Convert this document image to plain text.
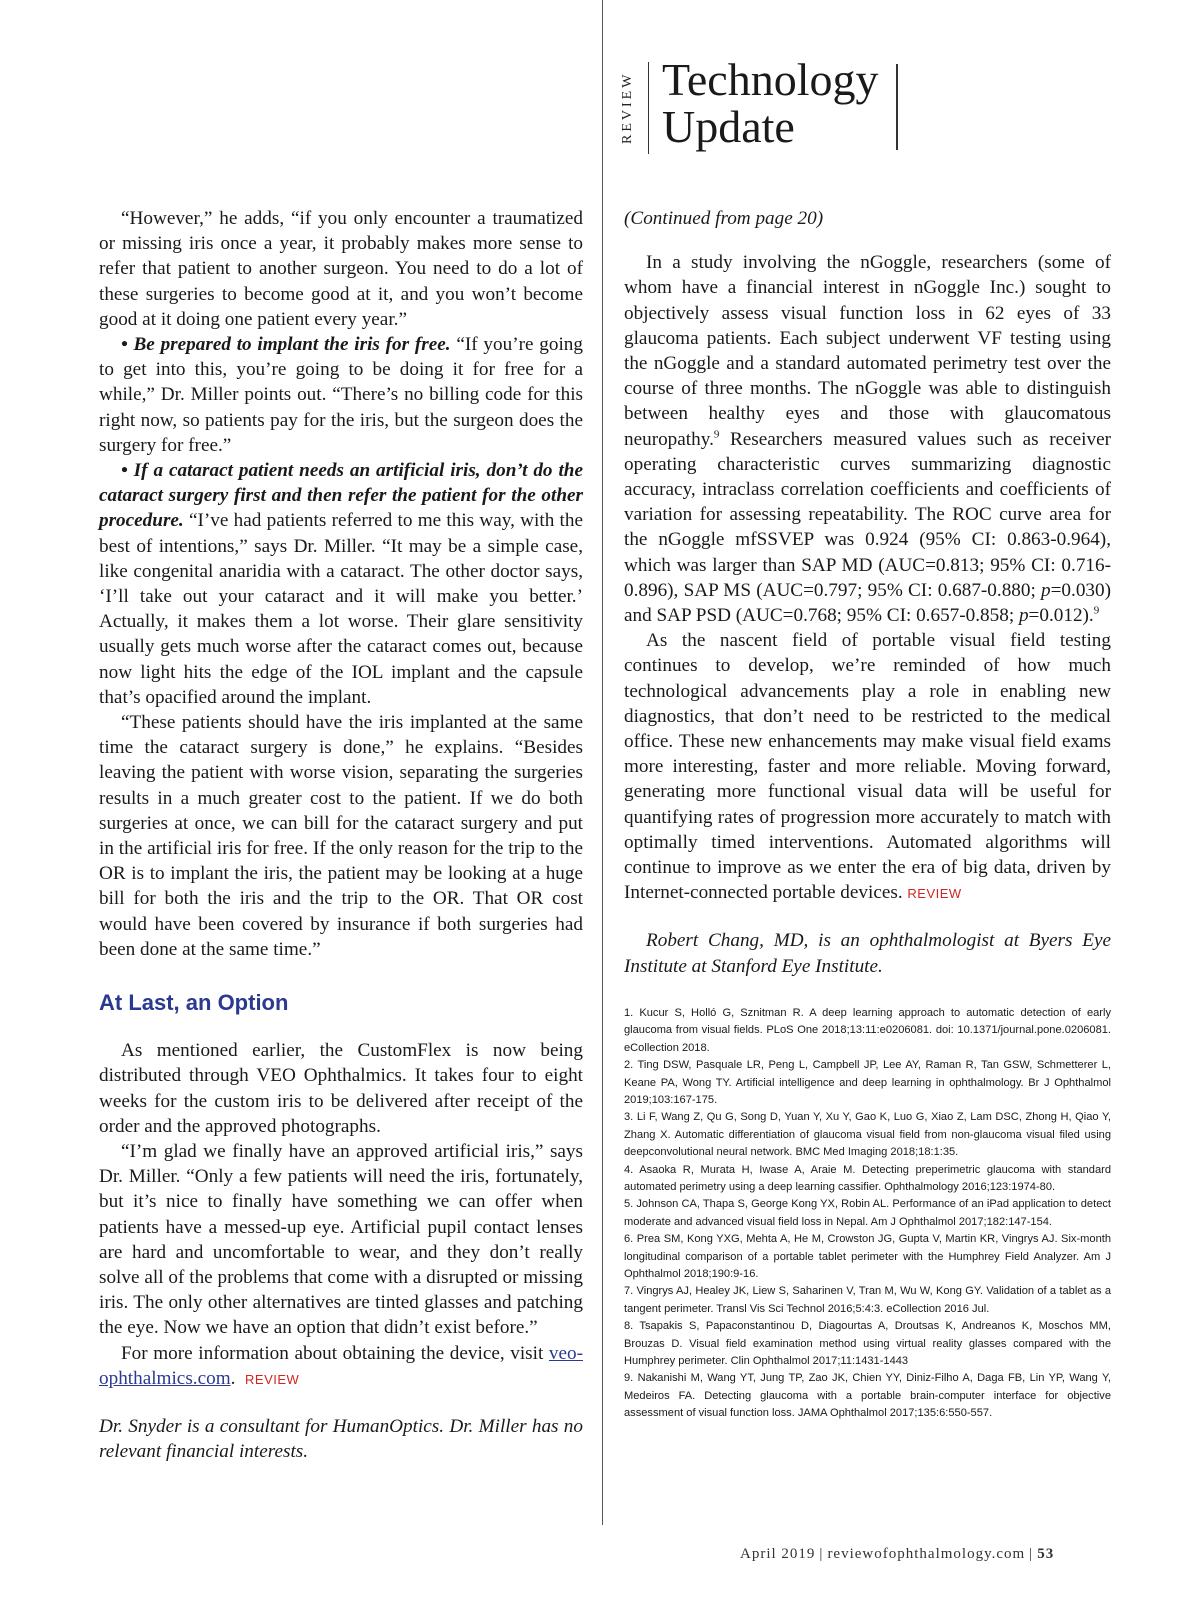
REVIEW Technology
Update

“However,” he adds, “if you only encounter a traumatized or missing iris once a year, it probably makes more sense to refer that patient to another surgeon. You need to do a lot of these surgeries to become good at it, and you won’t become good at it doing one patient every year.”

• Be prepared to implant the iris for free. “If you’re going to get into this, you’re going to be doing it for free for a while,” Dr. Miller points out. “There’s no billing code for this right now, so patients pay for the iris, but the surgeon does the surgery for free.”

• If a cataract patient needs an artificial iris, don’t do the cataract surgery first and then refer the patient for the other procedure. “I’ve had patients referred to me this way, with the best of intentions,” says Dr. Miller. “It may be a simple case, like congenital anaridia with a cataract. The other doctor says, ‘I’ll take out your cataract and it will make you better.’ Actually, it makes them a lot worse. Their glare sensitivity usually gets much worse after the cataract comes out, because now light hits the edge of the IOL implant and the capsule that’s opacified around the implant.

“These patients should have the iris implanted at the same time the cataract surgery is done,” he explains. “Besides leaving the patient with worse vision, separating the surgeries results in a much greater cost to the patient. If we do both surgeries at once, we can bill for the cataract surgery and put in the artificial iris for free. If the only reason for the trip to the OR is to implant the iris, the patient may be looking at a huge bill for both the iris and the trip to the OR. That OR cost would have been covered by insurance if both surgeries had been done at the same time.”

At Last, an Option

As mentioned earlier, the CustomFlex is now being distributed through VEO Ophthalmics. It takes four to eight weeks for the custom iris to be delivered after receipt of the order and the approved photographs.

“I’m glad we finally have an approved artificial iris,” says Dr. Miller. “Only a few patients will need the iris, fortunately, but it’s nice to finally have something we can offer when patients have a messed-up eye. Artificial pupil contact lenses are hard and uncomfortable to wear, and they don’t really solve all of the problems that come with a disrupted or missing iris. The only other alternatives are tinted glasses and patching the eye. Now we have an option that didn’t exist before.”

For more information about obtaining the device, visit veo-ophthalmics.com. REVIEW

Dr. Snyder is a consultant for HumanOptics. Dr. Miller has no relevant financial interests.

(Continued from page 20)

In a study involving the nGoggle, researchers (some of whom have a financial interest in nGoggle Inc.) sought to objectively assess visual function loss in 62 eyes of 33 glaucoma patients. Each subject underwent VF testing using the nGoggle and a standard automated perimetry test over the course of three months. The nGoggle was able to distinguish between healthy eyes and those with glaucomatous neuropathy.$^9$ Researchers measured values such as receiver operating characteristic curves summarizing diagnostic accuracy, intraclass correlation coefficients and coefficients of variation for assessing repeatability. The ROC curve area for the nGoggle mfSSVEP was 0.924 (95% CI: 0.863-0.964), which was larger than SAP MD (AUC=0.813; 95% CI: 0.716-0.896), SAP MS (AUC=0.797; 95% CI: 0.687-0.880; p=0.030) and SAP PSD (AUC=0.768; 95% CI: 0.657-0.858; p=0.012).$^9$

As the nascent field of portable visual field testing continues to develop, we’re reminded of how much technological advancements play a role in enabling new diagnostics, that don’t need to be restricted to the medical office. These new enhancements may make visual field exams more interesting, faster and more reliable. Moving forward, generating more functional visual data will be useful for quantifying rates of progression more accurately to match with optimally timed interventions. Automated algorithms will continue to improve as we enter the era of big data, driven by Internet-connected portable devices. REVIEW

Robert Chang, MD, is an ophthalmologist at Byers Eye Institute at Stanford Eye Institute.

1. Kucur S, Holló G, Sznitman R. A deep learning approach to automatic detection of early glaucoma from visual fields. PLoS One 2018;13:11:e0206081. doi: 10.1371/journal.pone.0206081. eCollection 2018.

2. Ting DSW, Pasquale LR, Peng L, Campbell JP, Lee AY, Raman R, Tan GSW, Schmetterer L, Keane PA, Wong TY. Artificial intelligence and deep learning in ophthalmology. Br J Ophthalmol 2019;103:167-175.

3. Li F, Wang Z, Qu G, Song D, Yuan Y, Xu Y, Gao K, Luo G, Xiao Z, Lam DSC, Zhong H, Qiao Y, Zhang X. Automatic differentiation of glaucoma visual field from non-glaucoma visual filed using deepconvolutional neural network. BMC Med Imaging 2018;18:1:35.

4. Asaoka R, Murata H, Iwase A, Araie M. Detecting preperimetric glaucoma with standard automated perimetry using a deep learning cassifier. Ophthalmology 2016;123:1974-80.

5. Johnson CA, Thapa S, George Kong YX, Robin AL. Performance of an iPad application to detect moderate and advanced visual field loss in Nepal. Am J Ophthalmol 2017;182:147-154.

6. Prea SM, Kong YXG, Mehta A, He M, Crowston JG, Gupta V, Martin KR, Vingrys AJ. Six-month longitudinal comparison of a portable tablet perimeter with the Humphrey Field Analyzer. Am J Ophthalmol 2018;190:9-16.

7. Vingrys AJ, Healey JK, Liew S, Saharinen V, Tran M, Wu W, Kong GY. Validation of a tablet as a tangent perimeter. Transl Vis Sci Technol 2016;5:4:3. eCollection 2016 Jul.

8. Tsapakis S, Papaconstantinou D, Diagourtas A, Droutsas K, Andreanos K, Moschos MM, Brouzas D. Visual field examination method using virtual reality glasses compared with the Humphrey perimeter. Clin Ophthalmol 2017;11:1431-1443

9. Nakanishi M, Wang YT, Jung TP, Zao JK, Chien YY, Diniz-Filho A, Daga FB, Lin YP, Wang Y, Medeiros FA. Detecting glaucoma with a portable brain-computer interface for objective assessment of visual function loss. JAMA Ophthalmol 2017;135:6:550-557.

April 2019 | reviewofophthalmology.com | 53
